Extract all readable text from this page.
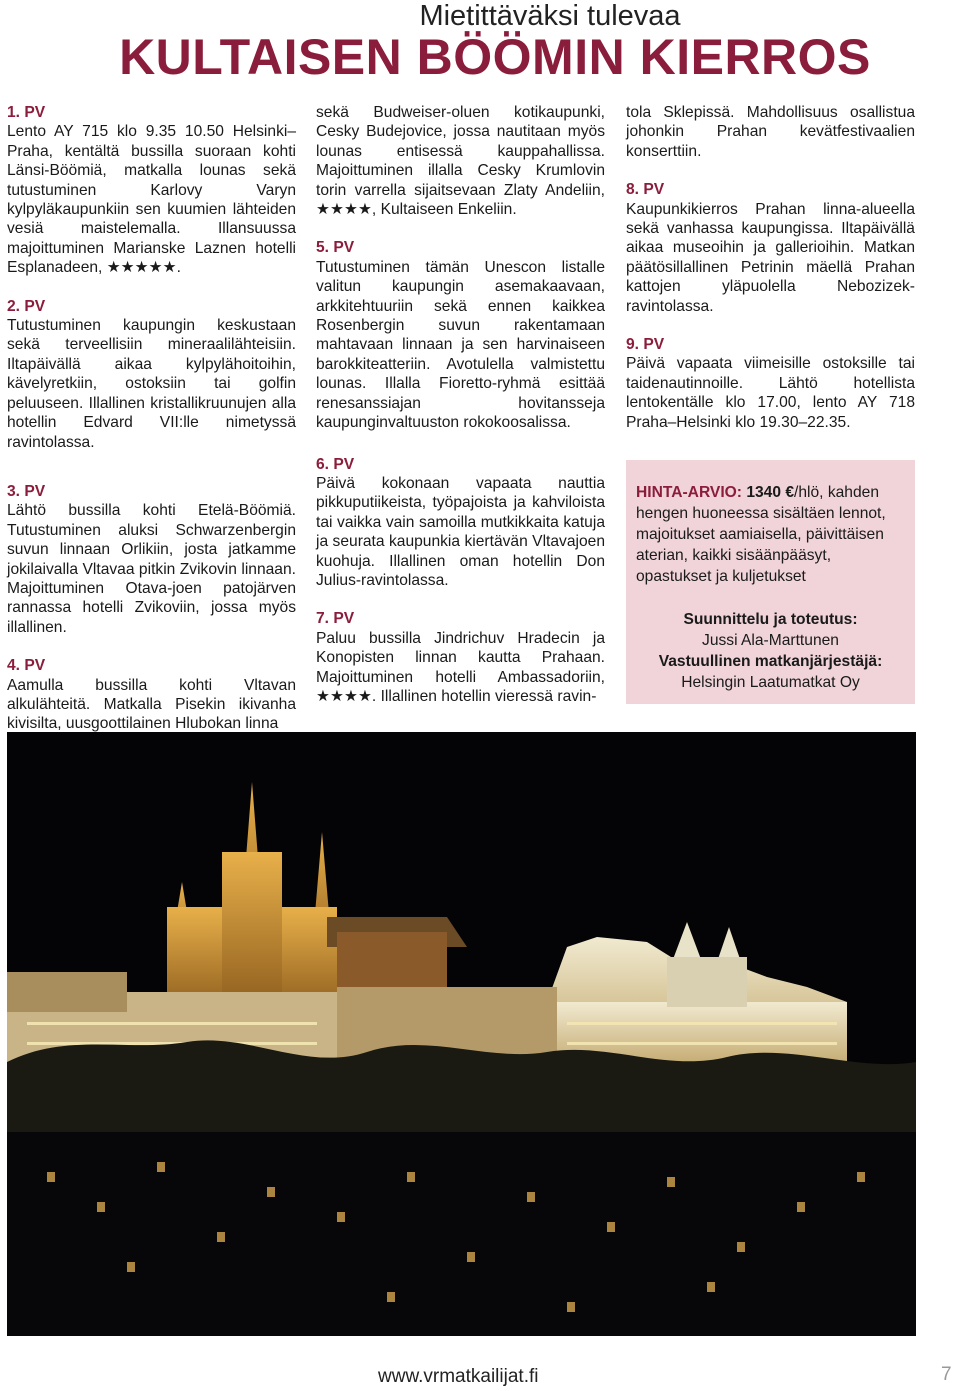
Mietittäväksi tulevaa
KULTAISEN BÖÖMIN KIERROS

1. PV
Lento AY 715 klo 9.35 10.50 Helsinki–Praha, kentältä bussilla suoraan kohti Länsi-Böömiä, matkalla lounas sekä tutustuminen Karlovy Varyn kylpyläkaupunkiin sen kuumien lähteiden vesiä maistelemalla. Illansuussa majoittuminen Marianske Laznen hotelli Esplanadeen, ★★★★★.

2. PV
Tutustuminen kaupungin keskustaan sekä terveellisiin mineraalilähteisiin. Iltapäivällä aikaa kylpylähoitoihin, kävelyretkiin, ostoksiin tai golfin peluuseen. Illallinen kristallikruunujen alla hotellin Edvard VII:lle nimetyssä ravintolassa.

3. PV
Lähtö bussilla kohti Etelä-Böömiä. Tutustuminen aluksi Schwarzenbergin suvun linnaan Orlikiin, josta jatkamme jokilaivalla Vltavaa pitkin Zvikovin linnaan. Majoittuminen Otava-joen patojärven rannassa hotelli Zvikoviin, jossa myös illallinen.

4. PV
Aamulla bussilla kohti Vltavan alkulähteitä. Matkalla Pisekin ikivanha kivisilta, uusgoottilainen Hlubokan linna

sekä Budweiser-oluen kotikaupunki, Cesky Budejovice, jossa nautitaan myös lounas entisessä kauppahallissa. Majoittuminen illalla Cesky Krumlovin torin varrella sijaitsevaan Zlaty Andeliin, ★★★★, Kultaiseen Enkeliin.

5. PV
Tutustuminen tämän Unescon listalle valitun kaupungin asemakaavaan, arkkitehtuuriin sekä ennen kaikkea Rosenbergin suvun rakentamaan mahtavaan linnaan ja sen harvinaiseen barokkiteatteriin. Avotulella valmistettu lounas. Illalla Fioretto-ryhmä esittää renesanssiajan hovitansseja kaupunginvaltuuston rokokoosalissa.

6. PV
Päivä kokonaan vapaata nauttia pikkuputiikeista, työpajoista ja kahviloista tai vaikka vain samoilla mutkikkaita katuja ja seurata kaupunkia kiertävän Vltavajoen kuohuja. Illallinen oman hotellin Don Julius-ravintolassa.

7. PV
Paluu bussilla Jindrichuv Hradecin ja Konopisten linnan kautta Prahaan. Majoittuminen hotelli Ambassadoriin, ★★★★. Illallinen hotellin vieressä ravin-

tola Sklepissä. Mahdollisuus osallistua johonkin Prahan kevätfestivaalien konserttiin.

8. PV
Kaupunkikierros Prahan linna-alueella sekä vanhassa kaupungissa. Iltapäivällä aikaa museoihin ja gallerioihin. Matkan päätösillallinen Petrinin mäellä Prahan kattojen yläpuolella Nebozizek-ravintolassa.

9. PV
Päivä vapaata viimeisille ostoksille tai taidenautinnoille. Lähtö hotellista lentokentälle klo 17.00, lento AY 718 Praha–Helsinki klo 19.30–22.35.

HINTA-ARVIO: 1340 €/hlö, kahden hengen huoneessa sisältäen lennot, majoitukset aamiaisella, päivittäisen aterian, kaikki sisäänpääsyt, opastukset ja kuljetukset
Suunnittelu ja toteutus:
Jussi Ala-Marttunen
Vastuullinen matkanjärjestäjä:
Helsingin Laatumatkat Oy
www.vrmatkailijat.fi	7
